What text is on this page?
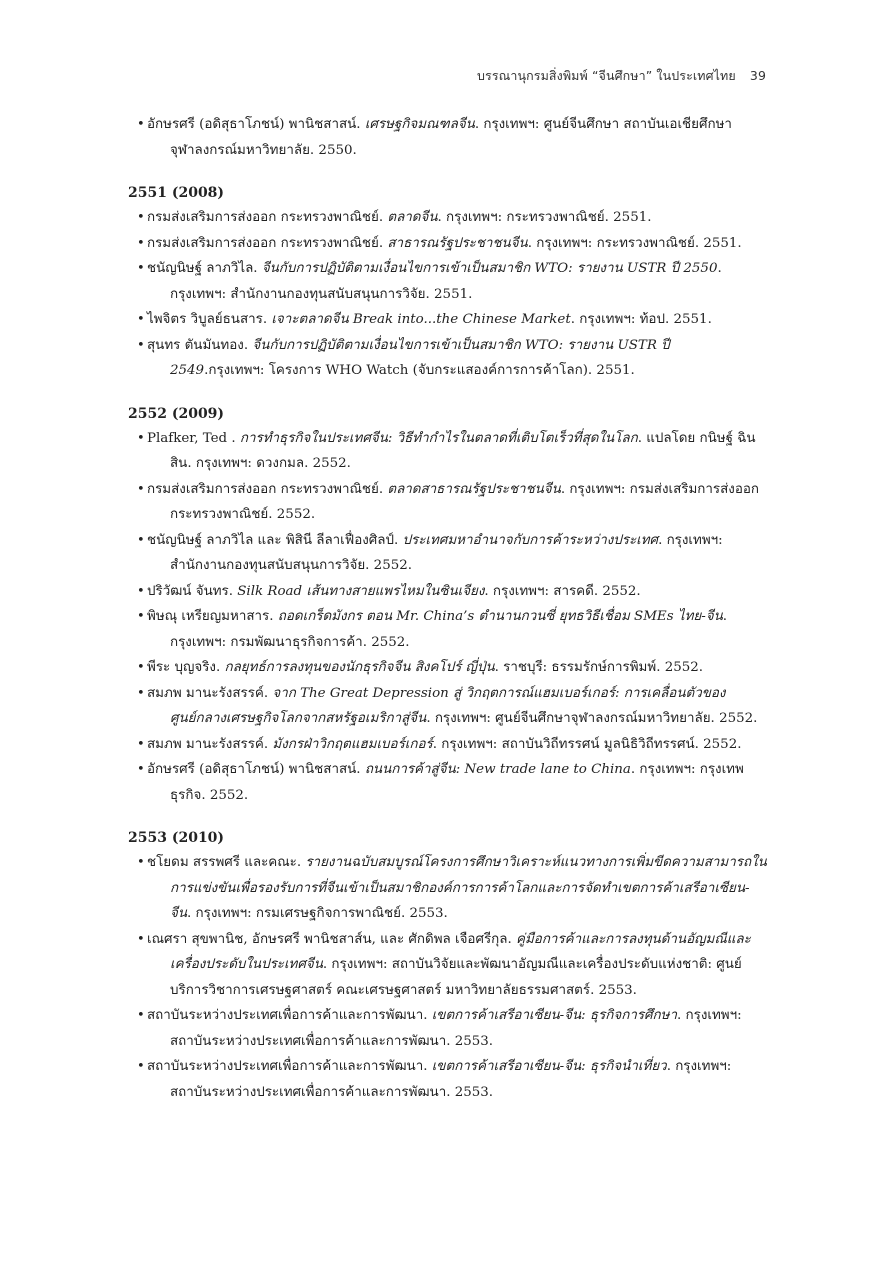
บรรณานุกรมสิ่งพิมพ์ “จีนศึกษา” ในประเทศไทย 39
• อักษรศรี (อดิสุธาโภชน์) พานิชสาสน์. เศรษฐกิจมณฑลจีน. กรุงเทพฯ: ศูนย์จีนศึกษา สถาบันเอเชียศึกษา จุฬาลงกรณ์มหาวิทยาลัย. 2550.
2551 (2008)
• กรมส่งเสริมการส่งออก กระทรวงพาณิชย์. ตลาดจีน. กรุงเทพฯ: กระทรวงพาณิชย์. 2551.
• กรมส่งเสริมการส่งออก กระทรวงพาณิชย์. สาธารณรัฐประชาชนจีน. กรุงเทพฯ: กระทรวงพาณิชย์. 2551.
• ชนัญนิษฐ์ ลาภวิไล. จีนกับการปฏิบัติตามเงื่อนไขการเข้าเป็นสมาชิก WTO: รายงาน USTR ปี 2550. กรุงเทพฯ: สำนักงานกองทุนสนับสนุนการวิจัย. 2551.
• ไพจิตร วิบูลย์ธนสาร. เจาะตลาดจีน Break into...the Chinese Market. กรุงเทพฯ: ท้อป. 2551.
• สุนทร ตันมันทอง. จีนกับการปฏิบัติตามเงื่อนไขการเข้าเป็นสมาชิก WTO: รายงาน USTR ปี 2549.กรุงเทพฯ: โครงการ WHO Watch (จับกระแสองค์การการค้าโลก). 2551.
2552 (2009)
• Plafker, Ted . การทำธุรกิจในประเทศจีน: วิธีทำกำไรในตลาดที่เติบโตเร็วที่สุดในโลก. แปลโดย กนิษฐ์ ฉินสิน. กรุงเทพฯ: ดวงกมล. 2552.
• กรมส่งเสริมการส่งออก กระทรวงพาณิชย์. ตลาดสาธารณรัฐประชาชนจีน. กรุงเทพฯ: กรมส่งเสริมการส่งออก กระทรวงพาณิชย์. 2552.
• ชนัญนิษฐ์ ลาภวิไล และ พิสินี ลีลาเฟื่องศิลป์. ประเทศมหาอำนาจกับการค้าระหว่างประเทศ. กรุงเทพฯ: สำนักงานกองทุนสนับสนุนการวิจัย. 2552.
• ปริวัฒน์ จันทร. Silk Road เส้นทางสายแพรไหมในซินเจียง. กรุงเทพฯ: สารคดี. 2552.
• พิษณุ เหรียญมหาสาร. ถอดเกร็ดมังกร ตอน Mr. China’s ตำนานกวนซี่ ยุทธวิธีเชื่อม SMEs ไทย-จีน. กรุงเทพฯ: กรมพัฒนาธุรกิจการค้า. 2552.
• พีระ บุญจริง. กลยุทธ์การลงทุนของนักธุรกิจจีน สิงคโปร์ ญี่ปุ่น. ราชบุรี: ธรรมรักษ์การพิมพ์. 2552.
• สมภพ มานะรังสรรค์. จาก The Great Depression สู่ วิกฤตการณ์แฮมเบอร์เกอร์: การเคลื่อนตัวของศูนย์กลางเศรษฐกิจโลกจากสหรัฐอเมริกาสู่จีน. กรุงเทพฯ: ศูนย์จีนศึกษาจุฬาลงกรณ์มหาวิทยาลัย. 2552.
• สมภพ มานะรังสรรค์. มังกรฝ่าวิกฤตแฮมเบอร์เกอร์. กรุงเทพฯ: สถาบันวิถีทรรศน์ มูลนิธิวิถีทรรศน์. 2552.
• อักษรศรี (อดิสุธาโภชน์) พานิชสาสน์. ถนนการค้าสู่จีน: New trade lane to China. กรุงเทพฯ: กรุงเทพธุรกิจ. 2552.
2553 (2010)
• ชโยดม สรรพศรี และคณะ. รายงานฉบับสมบูรณ์โครงการศึกษาวิเคราะห์แนวทางการเพิ่มขีดความสามารถในการแข่งขันเพื่อรองรับการที่จีนเข้าเป็นสมาชิกองค์การการค้าโลกและการจัดทำเขตการค้าเสรีอาเซียน-จีน. กรุงเทพฯ: กรมเศรษฐกิจการพาณิชย์. 2553.
• เณศรา สุขพานิช, อักษรศรี พานิชสาส์น, และ ศักดิพล เจือศรีกุล. คู่มือการค้าและการลงทุนด้านอัญมณีและเครื่องประดับในประเทศจีน. กรุงเทพฯ: สถาบันวิจัยและพัฒนาอัญมณีและเครื่องประดับแห่งชาติ: ศูนย์บริการวิชาการเศรษฐศาสตร์ คณะเศรษฐศาสตร์ มหาวิทยาลัยธรรมศาสตร์. 2553.
• สถาบันระหว่างประเทศเพื่อการค้าและการพัฒนา. เขตการค้าเสรีอาเซียน-จีน: ธุรกิจการศึกษา. กรุงเทพฯ: สถาบันระหว่างประเทศเพื่อการค้าและการพัฒนา. 2553.
• สถาบันระหว่างประเทศเพื่อการค้าและการพัฒนา. เขตการค้าเสรีอาเซียน-จีน: ธุรกิจนำเที่ยว. กรุงเทพฯ: สถาบันระหว่างประเทศเพื่อการค้าและการพัฒนา. 2553.
